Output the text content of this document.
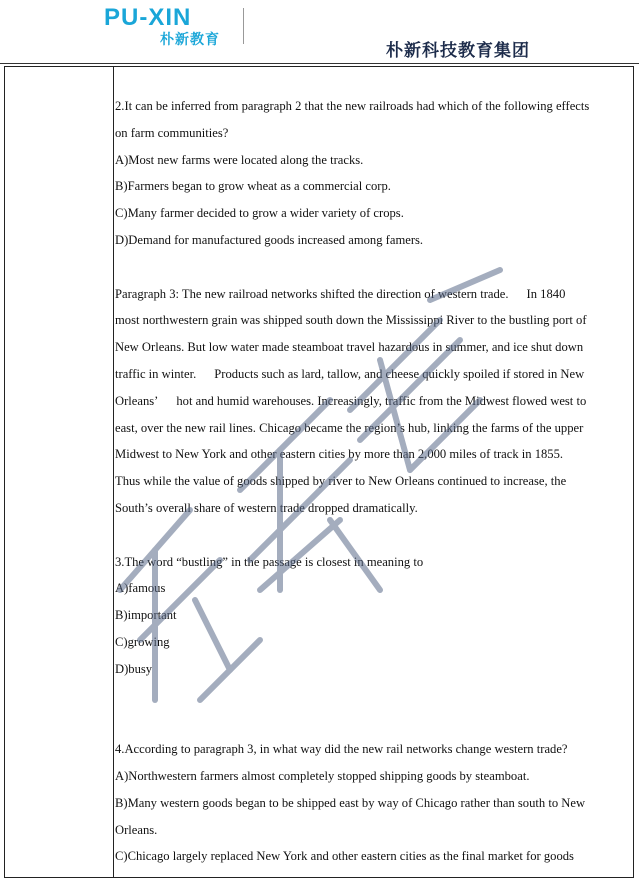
PU-XIN
朴新教育
朴新科技教育集团

2.It can be inferred from paragraph 2 that the new railroads had which of the following effects

on farm communities?

A)Most new farms were located along the tracks.

B)Farmers began to grow wheat as a commercial corp.

C)Many farmer decided to grow a wider variety of crops.

D)Demand for manufactured goods increased among famers.

Paragraph 3: The new railroad networks shifted the direction of western trade. In 1840

most northwestern grain was shipped south down the Mississippi River to the bustling port of

New Orleans. But low water made steamboat travel hazardous in summer, and ice shut down

traffic in winter. Products such as lard, tallow, and cheese quickly spoiled if stored in New

Orleans’ hot and humid warehouses. Increasingly, traffic from the Midwest flowed west to

east, over the new rail lines. Chicago became the region’s hub, linking the farms of the upper

Midwest to New York and other eastern cities by more than 2,000 miles of track in 1855.

Thus while the value of goods shipped by river to New Orleans continued to increase, the

South’s overall share of western trade dropped dramatically.

3.The word “bustling” in the passage is closest in meaning to

A)famous

B)important

C)growing

D)busy

4.According to paragraph 3, in what way did the new rail networks change western trade?

A)Northwestern farmers almost completely stopped shipping goods by steamboat.

B)Many western goods began to be shipped east by way of Chicago rather than south to New

Orleans.

C)Chicago largely replaced New York and other eastern cities as the final market for goods
